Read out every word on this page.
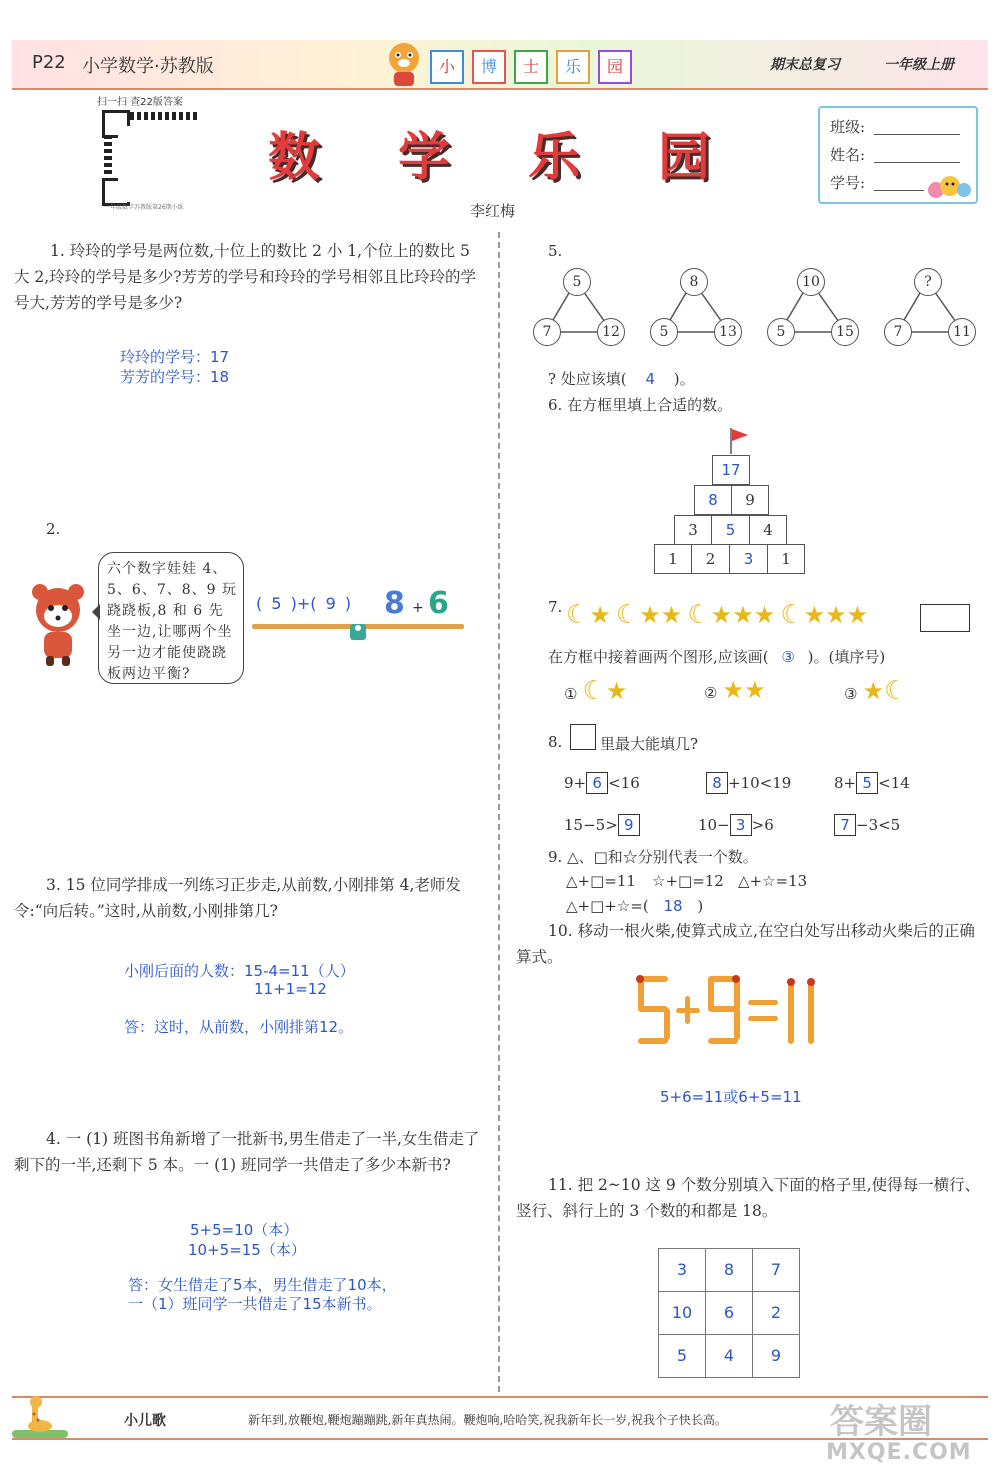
P22 小学数学·苏教版	小	博	士	乐	园	期末总复习	一年级上册
扫一扫 查22版答案
一年级数学苏教版第26期小练
数 学 乐 园
李红梅
班级:
姓名:
学号:
1. 玲玲的学号是两位数,十位上的数比 2 小 1,个位上的数比 5 大 2,玲玲的学号是多少?芳芳的学号和玲玲的学号相邻且比玲玲的学号大,芳芳的学号是多少?
玲玲的学号：17
芳芳的学号：18
2.
六个数字娃娃 4、5、6、7、8、9 玩跷跷板,8 和 6 先坐一边,让哪两个坐另一边才能使跷跷板两边平衡?
( 5 )+( 9 ) 8 + 6
3. 15 位同学排成一列练习正步走,从前数,小刚排第 4,老师发令:“向后转。”这时,从前数,小刚排第几?
小刚后面的人数：15-4=11（人）
11+1=12
答：这时，从前数，小刚排第12。
4. 一 (1) 班图书角新增了一批新书,男生借走了一半,女生借走了剩下的一半,还剩下 5 本。一 (1) 班同学一共借走了多少本新书?
5+5=10（本）
10+5=15（本）
答：女生借走了5本，男生借走了10本，
一（1）班同学一共借走了15本新书。
5.
5
7	12
8
5	13
10
5	15
?
7	11
? 处应该填( 4 )。
6. 在方框里填上合适的数。
17
8	9
3	5	4
1	2	3	1
7. ☾★ ☾★★ ☾★★★ ☾★★★
在方框中接着画两个图形,应该画( ③ )。(填序号)
① ☾★	② ★★	③ ★☾
8.	里最大能填几?
9+ 6 <16	8 +10<19	8+ 5 <14
15−5> 9	10− 3 >6	7 −3<5
9. △、□和☆分别代表一个数。
△+□=11 ☆+□=12 △+☆=13
△+□+☆=( 18 )
10. 移动一根火柴,使算式成立,在空白处写出移动火柴后的正确算式。
5+6=11或6+5=11
11. 把 2~10 这 9 个数分别填入下面的格子里,使得每一横行、竖行、斜行上的 3 个数的和都是 18。
3	8	7
10	6	2
5	4	9
小儿歌	新年到,放鞭炮,鞭炮蹦蹦跳,新年真热闹。鞭炮响,哈哈笑,祝我新年长一岁,祝我个子快长高。	答案圈
MXQE.COM
